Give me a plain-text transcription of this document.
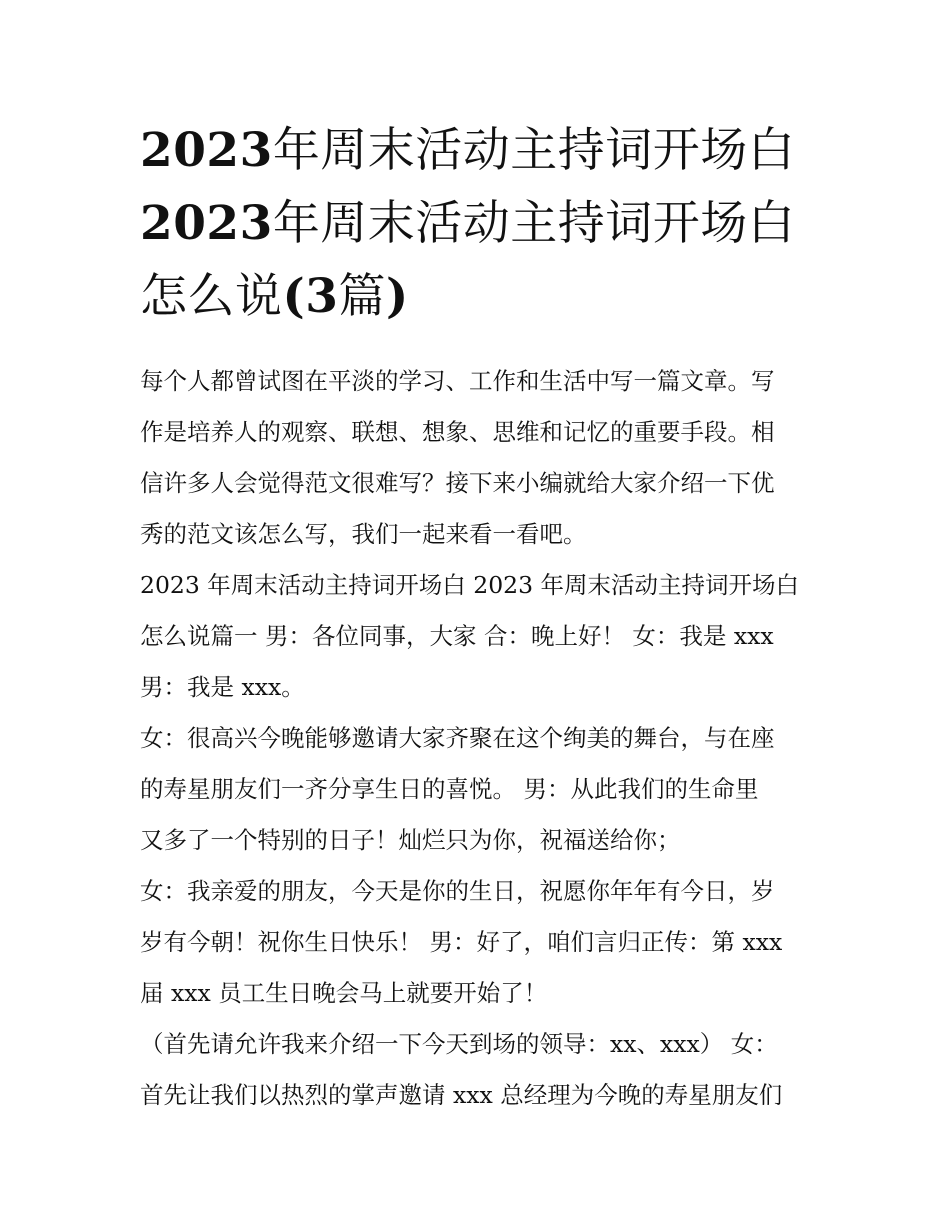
2023年周末活动主持词开场白
2023年周末活动主持词开场白
怎么说(3篇)
每个人都曾试图在平淡的学习、工作和生活中写一篇文章。写
作是培养人的观察、联想、想象、思维和记忆的重要手段。相
信许多人会觉得范文很难写？接下来小编就给大家介绍一下优
秀的范文该怎么写，我们一起来看一看吧。
2023 年周末活动主持词开场白 2023 年周末活动主持词开场白
怎么说篇一 男：各位同事，大家 合：晚上好！ 女：我是 xxx
男：我是 xxx。
女：很高兴今晚能够邀请大家齐聚在这个绚美的舞台，与在座
的寿星朋友们一齐分享生日的喜悦。 男：从此我们的生命里
又多了一个特别的日子！灿烂只为你，祝福送给你；
女：我亲爱的朋友，今天是你的生日，祝愿你年年有今日，岁
岁有今朝！祝你生日快乐！ 男：好了，咱们言归正传：第 xxx
届 xxx 员工生日晚会马上就要开始了！
（首先请允许我来介绍一下今天到场的领导：xx、xxx） 女：
首先让我们以热烈的掌声邀请 xxx 总经理为今晚的寿星朋友们
